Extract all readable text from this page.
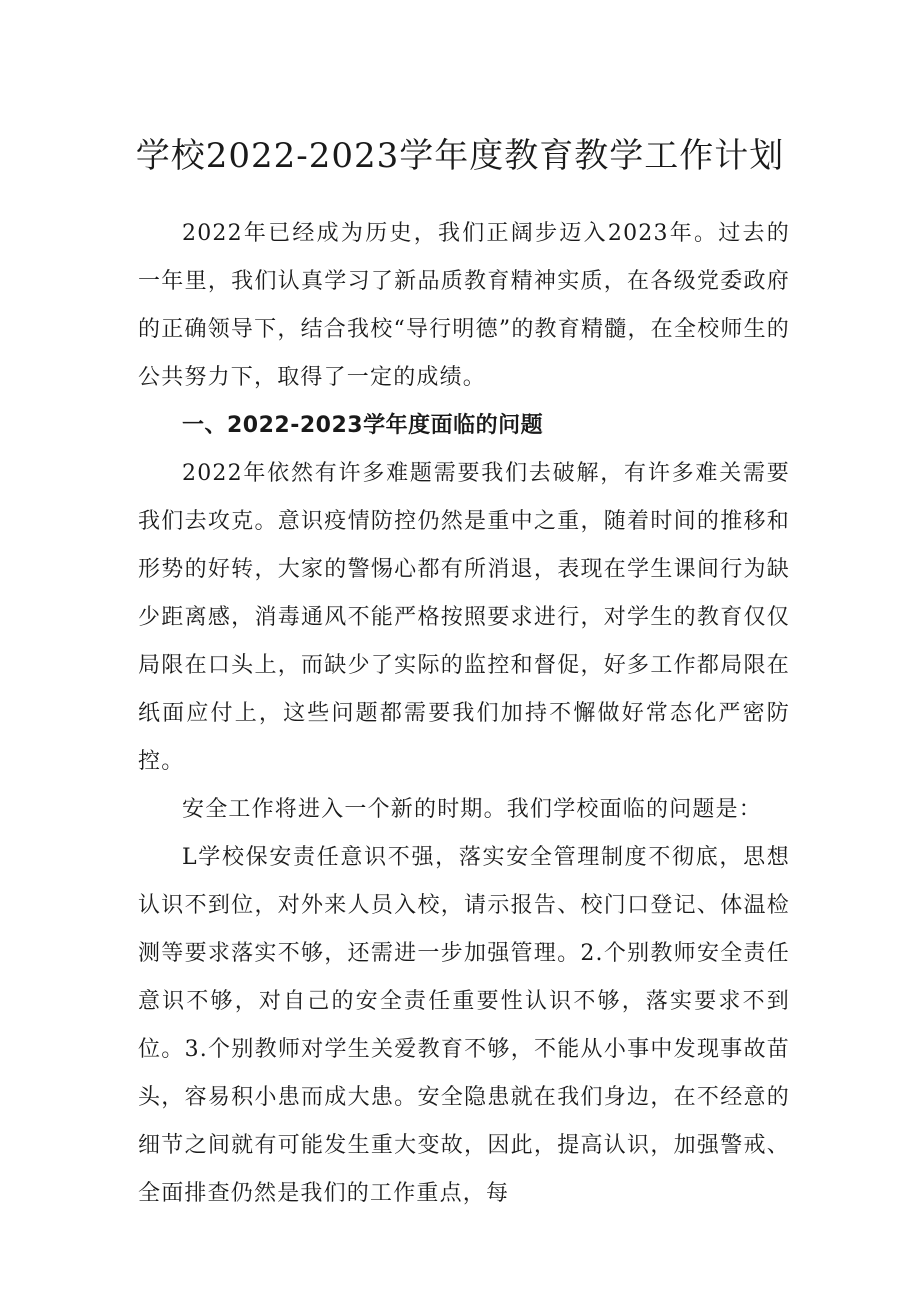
学校2022-2023学年度教育教学工作计划

2022年已经成为历史，我们正阔步迈入2023年。过去的一年里，我们认真学习了新品质教育精神实质，在各级党委政府的正确领导下，结合我校“导行明德”的教育精髓，在全校师生的公共努力下，取得了一定的成绩。

一、2022-2023学年度面临的问题

2022年依然有许多难题需要我们去破解，有许多难关需要我们去攻克。意识疫情防控仍然是重中之重，随着时间的推移和形势的好转，大家的警惕心都有所消退，表现在学生课间行为缺少距离感，消毒通风不能严格按照要求进行，对学生的教育仅仅局限在口头上，而缺少了实际的监控和督促，好多工作都局限在纸面应付上，这些问题都需要我们加持不懈做好常态化严密防控。

安全工作将进入一个新的时期。我们学校面临的问题是：

L学校保安责任意识不强，落实安全管理制度不彻底，思想认识不到位，对外来人员入校，请示报告、校门口登记、体温检测等要求落实不够，还需进一步加强管理。2.个别教师安全责任意识不够，对自己的安全责任重要性认识不够，落实要求不到位。3.个别教师对学生关爱教育不够，不能从小事中发现事故苗头，容易积小患而成大患。安全隐患就在我们身边，在不经意的细节之间就有可能发生重大变故，因此，提高认识，加强警戒、全面排查仍然是我们的工作重点，每
